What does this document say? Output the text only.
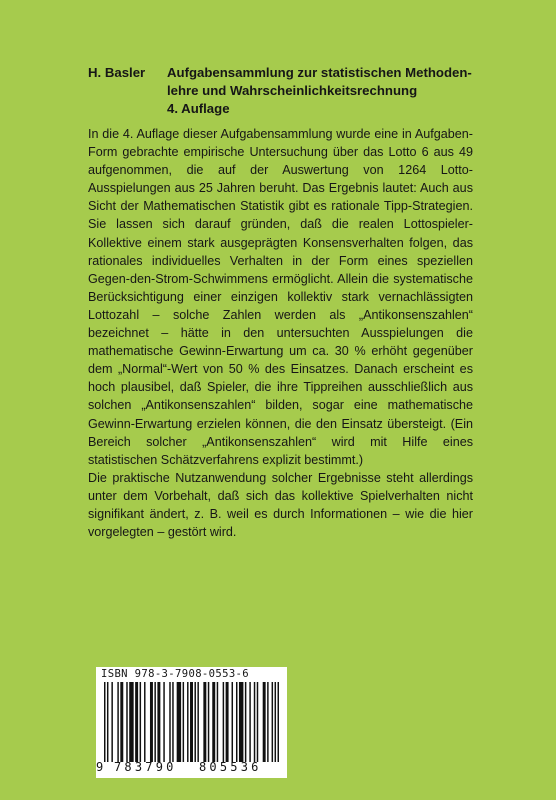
H. Basler Aufgabensammlung zur statistischen Methoden-
lehre und Wahrscheinlichkeitsrechnung
4. Auflage

In die 4. Auflage dieser Aufgabensammlung wurde eine in Aufgaben-Form gebrachte empirische Untersuchung über das Lotto 6 aus 49 aufgenommen, die auf der Auswertung von 1264 Lotto-Ausspielungen aus 25 Jahren beruht. Das Ergebnis lautet: Auch aus Sicht der Mathematischen Statistik gibt es rationale Tipp-Strategien. Sie lassen sich darauf gründen, daß die realen Lottospieler-Kollektive einem stark ausgeprägten Konsensverhalten folgen, das rationales individuelles Verhalten in der Form eines speziellen Gegen-den-Strom-Schwimmens ermöglicht. Allein die systematische Berücksichtigung einer einzigen kollektiv stark vernachlässigten Lottozahl – solche Zahlen werden als „Antikonsenszahlen“ bezeichnet – hätte in den untersuchten Ausspielungen die mathematische Gewinn-Erwartung um ca. 30 % erhöht gegenüber dem „Normal“-Wert von 50 % des Einsatzes. Danach erscheint es hoch plausibel, daß Spieler, die ihre Tippreihen ausschließlich aus solchen „Antikonsenszahlen“ bilden, sogar eine mathematische Gewinn-Erwartung erzielen können, die den Einsatz übersteigt. (Ein Bereich solcher „Antikonsenszahlen“ wird mit Hilfe eines statistischen Schätzverfahrens explizit bestimmt.)

Die praktische Nutzanwendung solcher Ergebnisse steht allerdings unter dem Vorbehalt, daß sich das kollektive Spielverhalten nicht signifikant ändert, z. B. weil es durch Informationen – wie die hier vorgelegten – gestört wird.

ISBN 978-3-7908-0553-6
9 783790 805536
